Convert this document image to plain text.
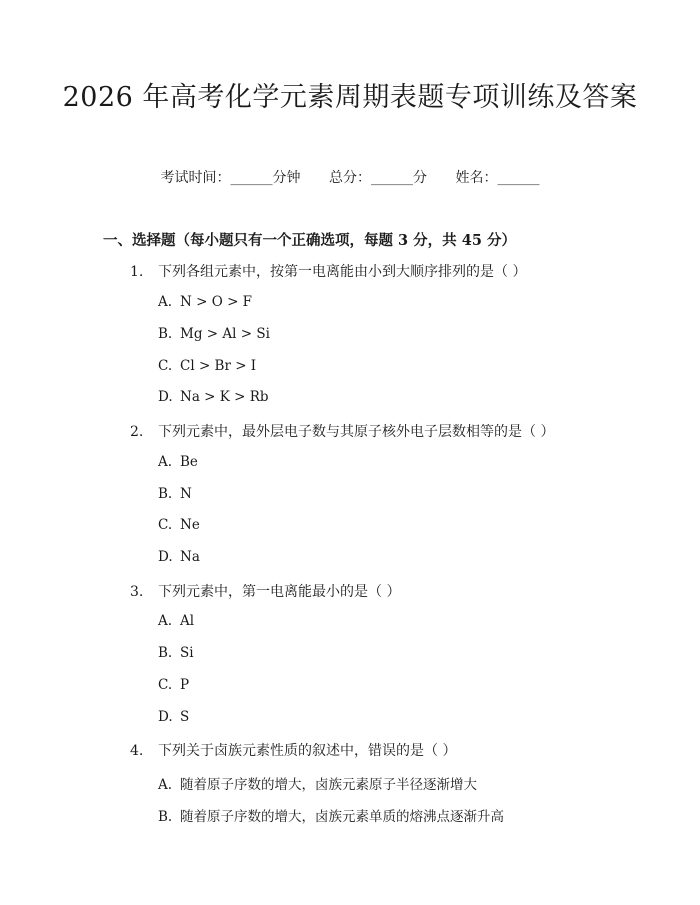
2026 年高考化学元素周期表题专项训练及答案
考试时间：______分钟 总分：______分 姓名：______
一、选择题（每小题只有一个正确选项，每题 3 分，共 45 分）
1. 下列各组元素中，按第一电离能由小到大顺序排列的是（ ）
A. N > O > F
B. Mg > Al > Si
C. Cl > Br > I
D. Na > K > Rb
2. 下列元素中，最外层电子数与其原子核外电子层数相等的是（ ）
A. Be
B. N
C. Ne
D. Na
3. 下列元素中，第一电离能最小的是（ ）
A. Al
B. Si
C. P
D. S
4. 下列关于卤族元素性质的叙述中，错误的是（ ）
A. 随着原子序数的增大，卤族元素原子半径逐渐增大
B. 随着原子序数的增大，卤族元素单质的熔沸点逐渐升高
